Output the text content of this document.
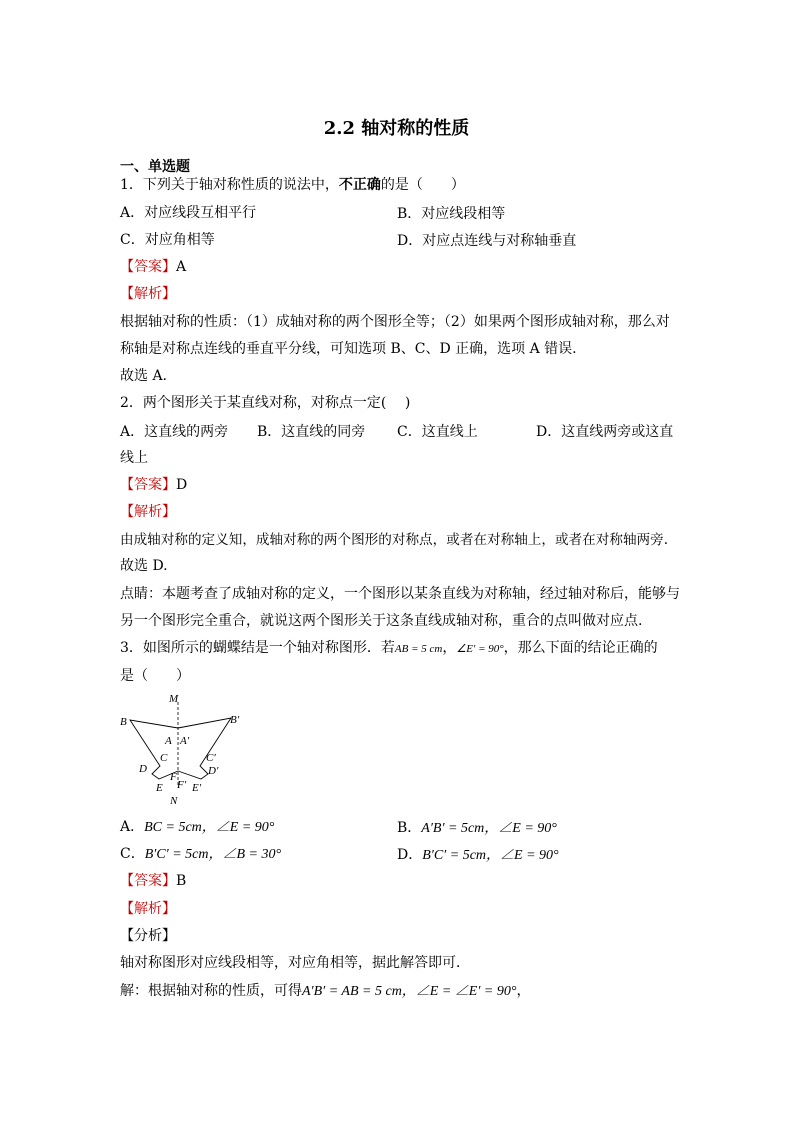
2.2 轴对称的性质
一、单选题
1．下列关于轴对称性质的说法中，不正确的是（　　）
A．对应线段互相平行	B．对应线段相等
C．对应角相等	D．对应点连线与对称轴垂直
【答案】A
【解析】
根据轴对称的性质：（1）成轴对称的两个图形全等；（2）如果两个图形成轴对称，那么对
称轴是对称点连线的垂直平分线，可知选项 B、C、D 正确，选项 A 错误.
故选 A.
2．两个图形关于某直线对称，对称点一定(　 )
A．这直线的两旁 B．这直线的同旁 C．这直线上	D．这直线两旁或这直
线上
【答案】D
【解析】
由成轴对称的定义知，成轴对称的两个图形的对称点，或者在对称轴上，或者在对称轴两旁.
故选 D.
点睛：本题考查了成轴对称的定义，一个图形以某条直线为对称轴，经过轴对称后，能够与
另一个图形完全重合，就说这两个图形关于这条直线成轴对称，重合的点叫做对应点.
3．如图所示的蝴蝶结是一个轴对称图形．若AB = 5 cm，∠E′ = 90°，那么下面的结论正确的
是（　　）
M
B	B′
A A′
C	C′
D	D′
F
F′
E	E′
N
A．BC = 5cm，∠E = 90°	B．A′B′ = 5cm，∠E = 90°
C．B′C′ = 5cm，∠B = 30°	D．B′C′ = 5cm，∠E = 90°
【答案】B
【解析】
【分析】
轴对称图形对应线段相等，对应角相等，据此解答即可．
解：根据轴对称的性质，可得A′B′ = AB = 5 cm，∠E = ∠E′ = 90°，
